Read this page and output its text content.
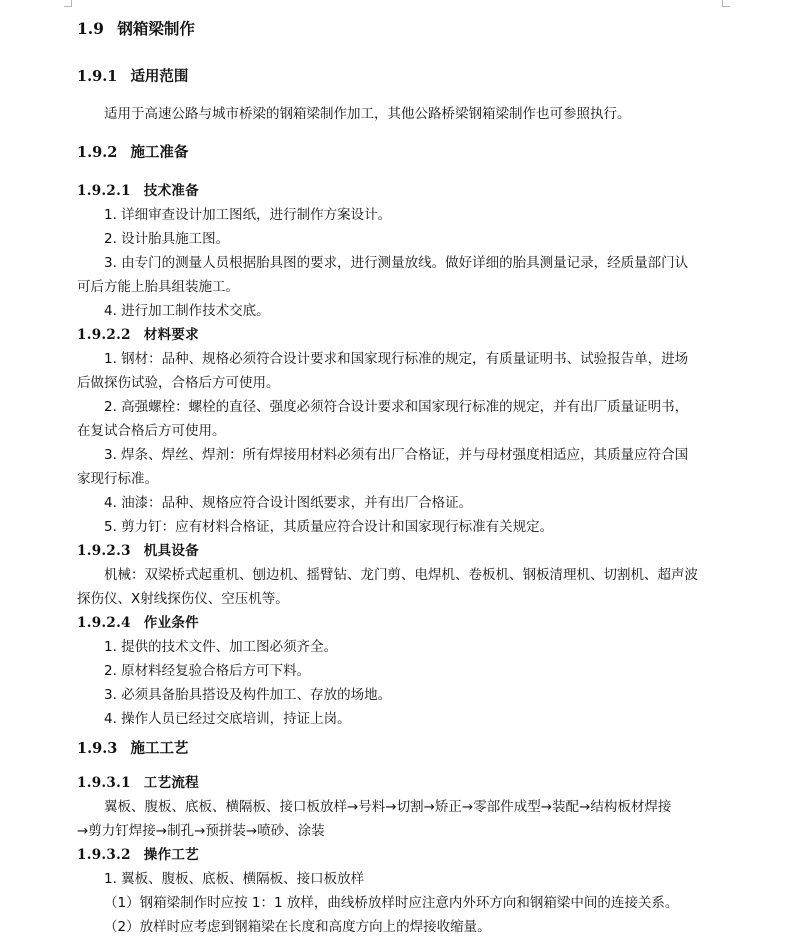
1.9 钢箱梁制作
1.9.1 适用范围
适用于高速公路与城市桥梁的钢箱梁制作加工，其他公路桥梁钢箱梁制作也可参照执行。
1.9.2 施工准备
1.9.2.1 技术准备
1. 详细审查设计加工图纸，进行制作方案设计。
2. 设计胎具施工图。
3. 由专门的测量人员根据胎具图的要求，进行测量放线。做好详细的胎具测量记录，经质量部门认
可后方能上胎具组装施工。
4. 进行加工制作技术交底。
1.9.2.2 材料要求
1. 钢材：品种、规格必须符合设计要求和国家现行标准的规定，有质量证明书、试验报告单，进场
后做探伤试验，合格后方可使用。
2. 高强螺栓：螺栓的直径、强度必须符合设计要求和国家现行标准的规定，并有出厂质量证明书，
在复试合格后方可使用。
3. 焊条、焊丝、焊剂：所有焊接用材料必须有出厂合格证，并与母材强度相适应，其质量应符合国
家现行标准。
4. 油漆：品种、规格应符合设计图纸要求，并有出厂合格证。
5. 剪力钉：应有材料合格证，其质量应符合设计和国家现行标准有关规定。
1.9.2.3 机具设备
机械：双梁桥式起重机、刨边机、摇臂钻、龙门剪、电焊机、卷板机、钢板清理机、切割机、超声波
探伤仪、X射线探伤仪、空压机等。
1.9.2.4 作业条件
1. 提供的技术文件、加工图必须齐全。
2. 原材料经复验合格后方可下料。
3. 必须具备胎具搭设及构件加工、存放的场地。
4. 操作人员已经过交底培训，持证上岗。
1.9.3 施工工艺
1.9.3.1 工艺流程
翼板、腹板、底板、横隔板、接口板放样→号料→切割→矫正→零部件成型→装配→结构板材焊接
→剪力钉焊接→制孔→预拼装→喷砂、涂装
1.9.3.2 操作工艺
1. 翼板、腹板、底板、横隔板、接口板放样
（1）钢箱梁制作时应按 1：1 放样，曲线桥放样时应注意内外环方向和钢箱梁中间的连接关系。
（2）放样时应考虑到钢箱梁在长度和高度方向上的焊接收缩量。
